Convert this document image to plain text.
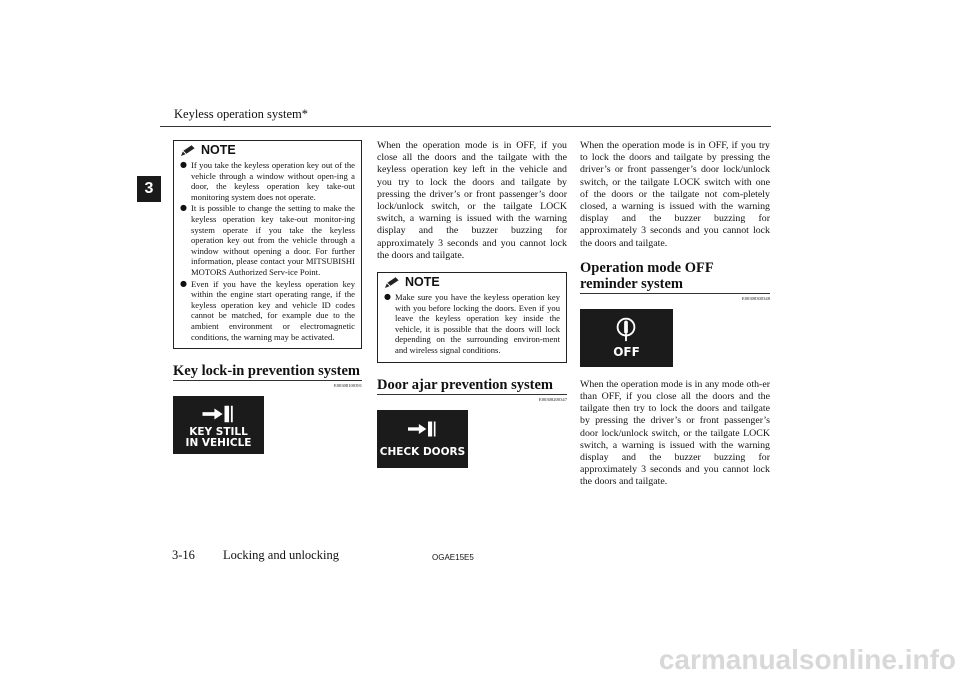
Keyless operation system*
3
NOTE
● If you take the keyless operation key out of the vehicle through a window without open-ing a door, the keyless operation key take-out monitoring system does not operate.
● It is possible to change the setting to make the keyless operation key take-out monitor-ing system operate if you take the keyless operation key out from the vehicle through a window without opening a door. For further information, please contact your MITSUBISHI MOTORS Authorized Serv-ice Point.
● Even if you have the keyless operation key within the engine start operating range, if the keyless operation key and vehicle ID codes cannot be matched, for example due to the ambient environment or electromagnetic conditions, the warning may be activated.
Key lock-in prevention system
E00308100391
KEY STILL
IN VEHICLE

When the operation mode is in OFF, if you close all the doors and the tailgate with the keyless operation key left in the vehicle and you try to lock the doors and tailgate by pressing the driver’s or front passenger’s door lock/unlock switch, or the tailgate LOCK switch, a warning is issued with the warning display and the buzzer buzzing for approximately 3 seconds and you cannot lock the doors and tailgate.

NOTE
● Make sure you have the keyless operation key with you before locking the doors. Even if you leave the keyless operation key inside the vehicle, it is possible that the doors will lock depending on the surrounding environ-ment and wireless signal conditions.
Door ajar prevention system
E00308200347
CHECK DOORS

When the operation mode is in OFF, if you try to lock the doors and tailgate by pressing the driver’s or front passenger’s door lock/unlock switch, or the tailgate LOCK switch with one of the doors or the tailgate not com-pletely closed, a warning is issued with the warning display and the buzzer buzzing for approximately 3 seconds and you cannot lock the doors and tailgate.

Operation mode OFF reminder system
E00308300348
OFF

When the operation mode is in any mode oth-er than OFF, if you close all the doors and the tailgate then try to lock the doors and tailgate by pressing the driver’s or front passenger’s door lock/unlock switch, or the tailgate LOCK switch, a warning is issued with the warning display and the buzzer buzzing for approximately 3 seconds and you cannot lock the doors and tailgate.

3-16 Locking and unlocking	OGAE15E5
carmanualsonline.info
